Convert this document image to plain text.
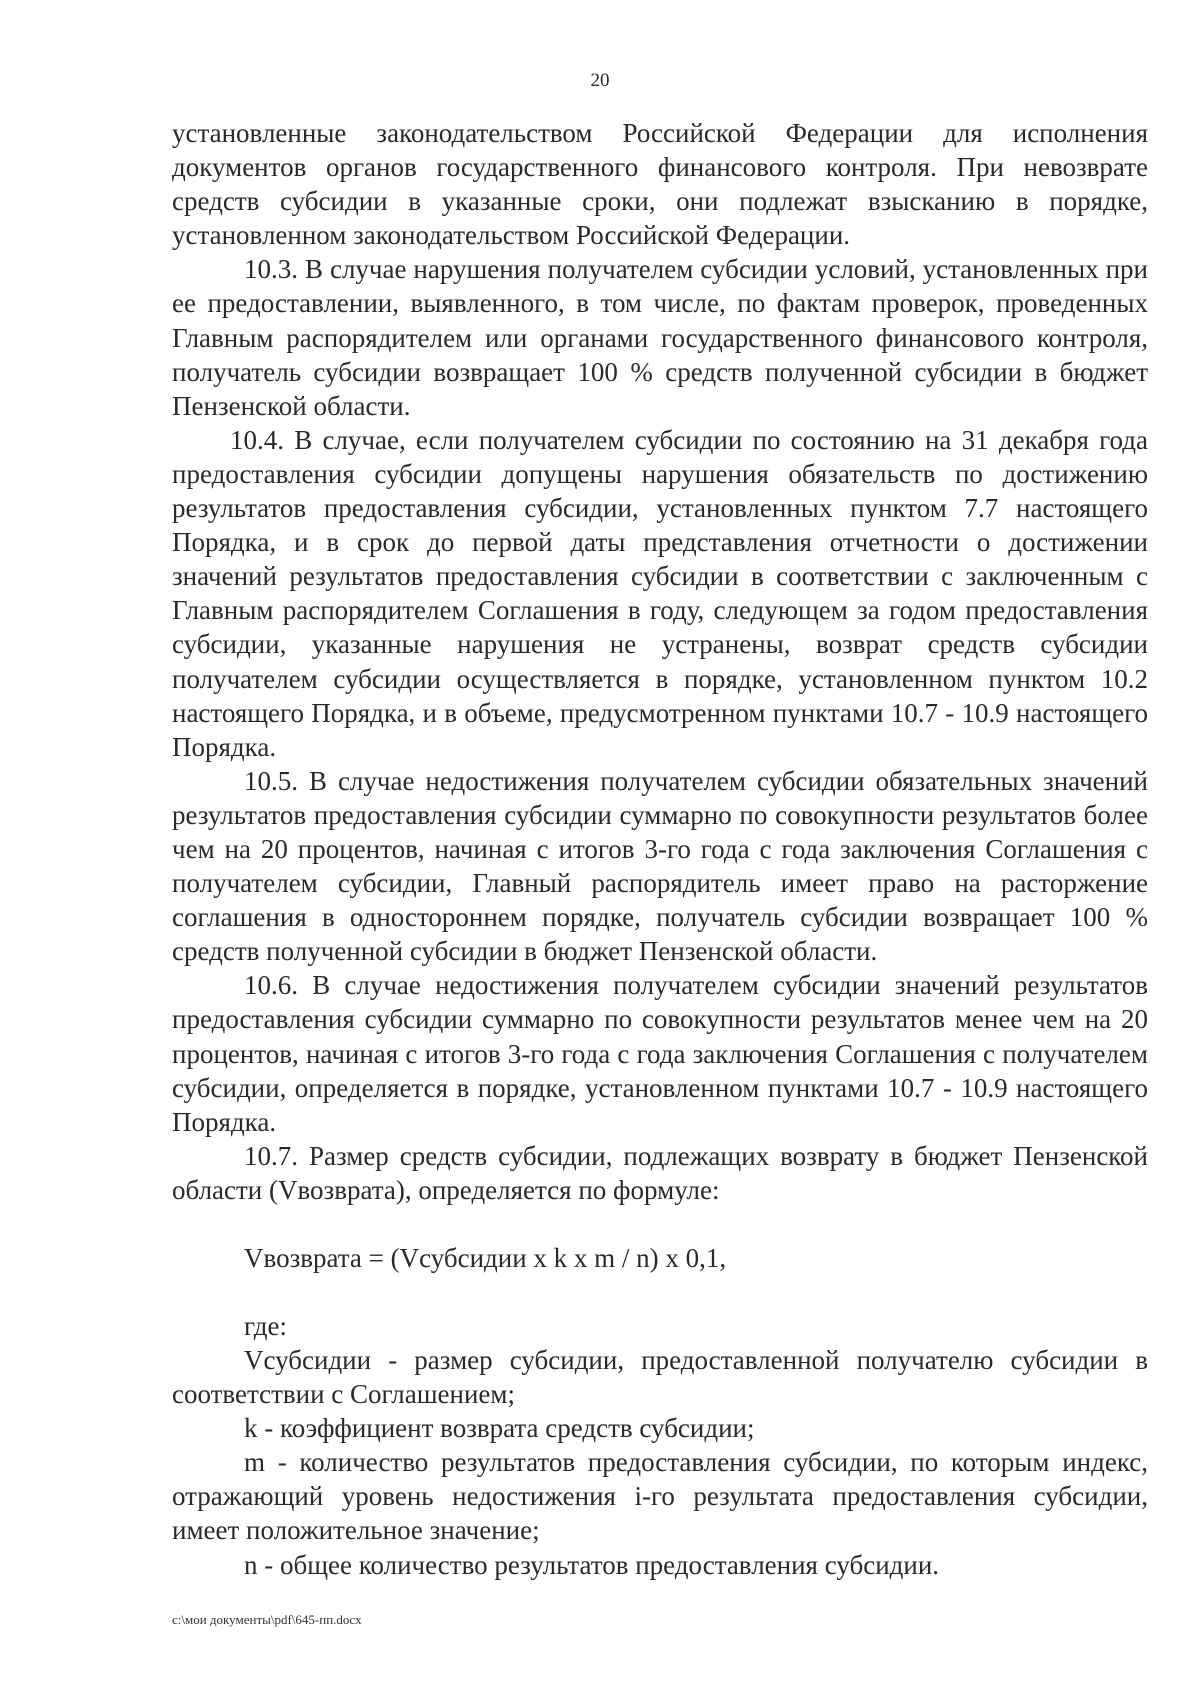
20

установленные законодательством Российской Федерации для исполнения документов органов государственного финансового контроля. При невозврате средств субсидии в указанные сроки, они подлежат взысканию в порядке, установленном законодательством Российской Федерации.

10.3. В случае нарушения получателем субсидии условий, установленных при ее предоставлении, выявленного, в том числе, по фактам проверок, проведенных Главным распорядителем или органами государственного финансового контроля, получатель субсидии возвращает 100 % средств полученной субсидии в бюджет Пензенской области.

10.4. В случае, если получателем субсидии по состоянию на 31 декабря года предоставления субсидии допущены нарушения обязательств по достижению результатов предоставления субсидии, установленных пунктом 7.7 настоящего Порядка, и в срок до первой даты представления отчетности о достижении значений результатов предоставления субсидии в соответствии с заключенным с Главным распорядителем Соглашения в году, следующем за годом предоставления субсидии, указанные нарушения не устранены, возврат средств субсидии получателем субсидии осуществляется в порядке, установленном пунктом 10.2 настоящего Порядка, и в объеме, предусмотренном пунктами 10.7 - 10.9 настоящего Порядка.

10.5. В случае недостижения получателем субсидии обязательных значений результатов предоставления субсидии суммарно по совокупности результатов более чем на 20 процентов, начиная с итогов 3-го года с года заключения Соглашения с получателем субсидии, Главный распорядитель имеет право на расторжение соглашения в одностороннем порядке, получатель субсидии возвращает 100 % средств полученной субсидии в бюджет Пензенской области.

10.6. В случае недостижения получателем субсидии значений результатов предоставления субсидии суммарно по совокупности результатов менее чем на 20 процентов, начиная с итогов 3-го года с года заключения Соглашения с получателем субсидии, определяется в порядке, установленном пунктами 10.7 - 10.9 настоящего Порядка.

10.7. Размер средств субсидии, подлежащих возврату в бюджет Пензенской области (Vвозврата), определяется по формуле:

Vвозврата = (Vсубсидии x k x m / n) x 0,1,

где:

Vсубсидии - размер субсидии, предоставленной получателю субсидии в соответствии с Соглашением;

k - коэффициент возврата средств субсидии;

m - количество результатов предоставления субсидии, по которым индекс, отражающий уровень недостижения i-го результата предоставления субсидии, имеет положительное значение;

n - общее количество результатов предоставления субсидии.

c:\мои документы\pdf\645-пп.docx
